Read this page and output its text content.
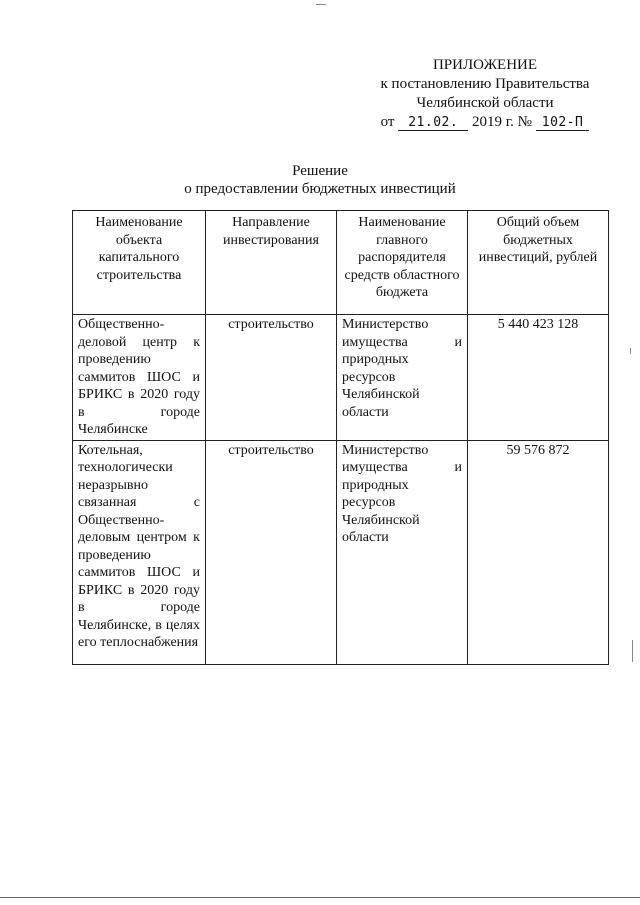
ПРИЛОЖЕНИЕ
к постановлению Правительства
Челябинской области
от 21.02. 2019 г. № 102-П
Решение
о предоставлении бюджетных инвестиций
Наименование объекта капитального строительства	Направление инвестирования	Наименование главного распорядителя средств областного бюджета	Общий объем бюджетных инвестиций, рублей
Общественно-деловой центр к проведению саммитов ШОС и БРИКС в 2020 году в городе Челябинске	строительство	Министерство имущества и природных ресурсов Челябинской области	5 440 423 128
Котельная, технологически неразрывно связанная с Общественно-деловым центром к проведению саммитов ШОС и БРИКС в 2020 году в городе Челябинске, в целях его теплоснабжения	строительство	Министерство имущества и природных ресурсов Челябинской области	59 576 872
